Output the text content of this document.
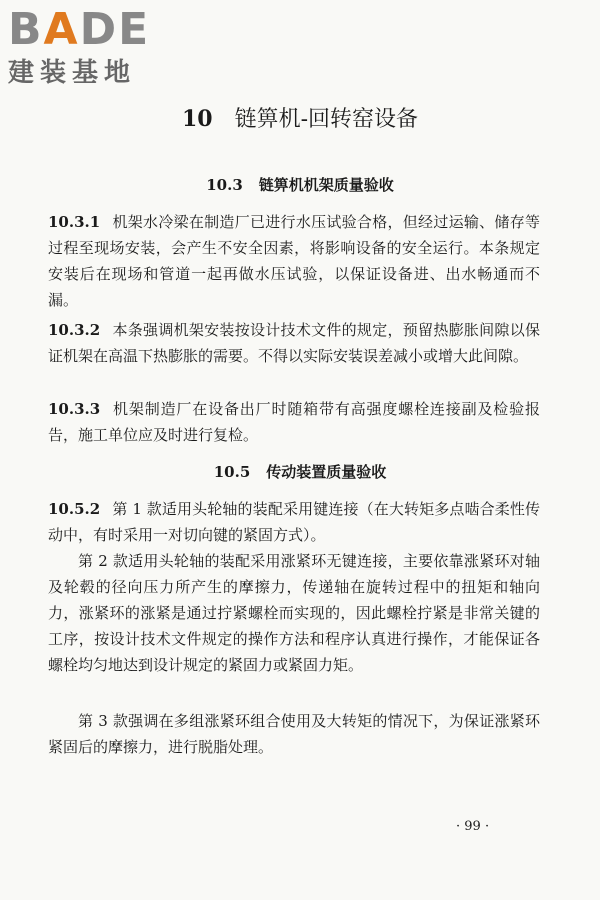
BADE
建装基地
10 链箅机-回转窑设备
10.3 链箅机机架质量验收

10.3.1 机架水冷梁在制造厂已进行水压试验合格，但经过运输、储存等过程至现场安装，会产生不安全因素，将影响设备的安全运行。本条规定安装后在现场和管道一起再做水压试验，以保证设备进、出水畅通而不漏。

10.3.2 本条强调机架安装按设计技术文件的规定，预留热膨胀间隙以保证机架在高温下热膨胀的需要。不得以实际安装误差减小或增大此间隙。

10.3.3 机架制造厂在设备出厂时随箱带有高强度螺栓连接副及检验报告，施工单位应及时进行复检。

10.5 传动装置质量验收

10.5.2 第 1 款适用头轮轴的装配采用键连接（在大转矩多点啮合柔性传动中，有时采用一对切向键的紧固方式）。

第 2 款适用头轮轴的装配采用涨紧环无键连接，主要依靠涨紧环对轴及轮毂的径向压力所产生的摩擦力，传递轴在旋转过程中的扭矩和轴向力，涨紧环的涨紧是通过拧紧螺栓而实现的，因此螺栓拧紧是非常关键的工序，按设计技术文件规定的操作方法和程序认真进行操作，才能保证各螺栓均匀地达到设计规定的紧固力或紧固力矩。

第 3 款强调在多组涨紧环组合使用及大转矩的情况下，为保证涨紧环紧固后的摩擦力，进行脱脂处理。

· 99 ·
